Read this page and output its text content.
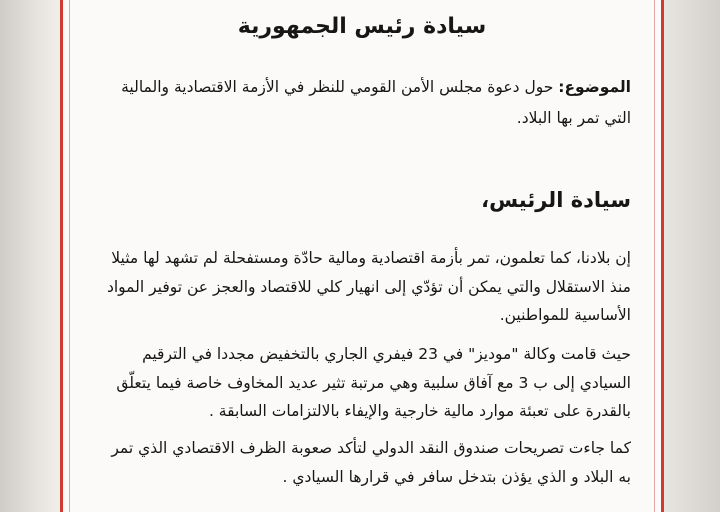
سيادة رئيس الجمهورية
الموضوع: حول دعوة مجلس الأمن القومي للنظر في الأزمة الاقتصادية والمالية التي تمر بها البلاد.
سيادة الرئيس،
إن بلادنا، كما تعلمون، تمر بأزمة اقتصادية ومالية حادّة ومستفحلة لم تشهد لها مثيلا منذ الاستقلال والتي يمكن أن تؤدّي إلى انهيار كلي للاقتصاد والعجز عن توفير المواد الأساسية للمواطنين.
حيث قامت وكالة "موديز" في 23 فيفري الجاري بالتخفيض مجددا في الترقيم السيادي إلى ب 3 مع آفاق سلبية وهي مرتبة تثير عديد المخاوف خاصة فيما يتعلّق بالقدرة على تعبئة موارد مالية خارجية والإيفاء بالالتزامات السابقة .
كما جاءت تصريحات صندوق النقد الدولي لتأكد صعوبة الظرف الاقتصادي الذي تمر به البلاد و الذي يؤذن بتدخل سافر في قرارها السيادي .
